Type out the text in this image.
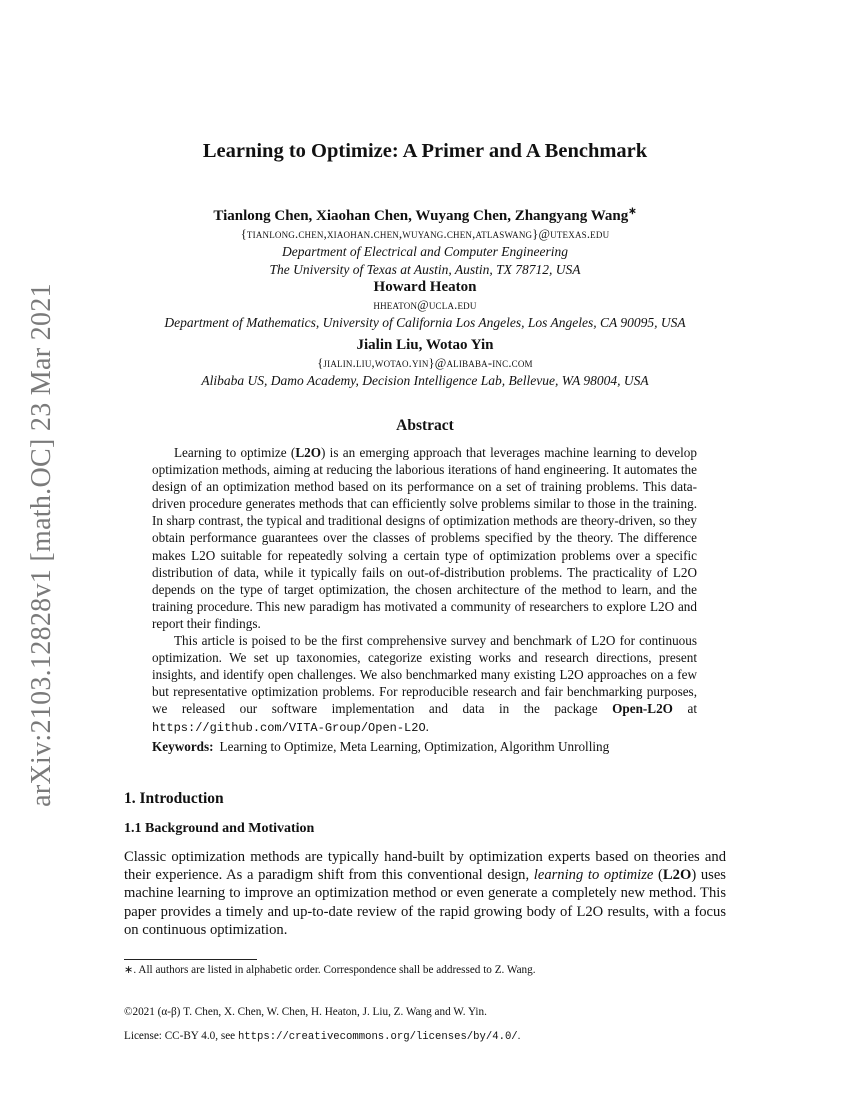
arXiv:2103.12828v1 [math.OC] 23 Mar 2021
Learning to Optimize: A Primer and A Benchmark
Tianlong Chen, Xiaohan Chen, Wuyang Chen, Zhangyang Wang∗
{tianlong.chen,xiaohan.chen,wuyang.chen,atlaswang}@utexas.edu
Department of Electrical and Computer Engineering
The University of Texas at Austin, Austin, TX 78712, USA
Howard Heaton
hheaton@ucla.edu
Department of Mathematics, University of California Los Angeles, Los Angeles, CA 90095, USA
Jialin Liu, Wotao Yin
{jialin.liu,wotao.yin}@alibaba-inc.com
Alibaba US, Damo Academy, Decision Intelligence Lab, Bellevue, WA 98004, USA
Abstract

Learning to optimize (L2O) is an emerging approach that leverages machine learning to develop optimization methods, aiming at reducing the laborious iterations of hand engineering. It automates the design of an optimization method based on its performance on a set of training problems. This data-driven procedure generates methods that can efficiently solve problems similar to those in the training. In sharp contrast, the typical and traditional designs of optimization methods are theory-driven, so they obtain performance guarantees over the classes of problems specified by the theory. The difference makes L2O suitable for repeatedly solving a certain type of optimization problems over a specific distribution of data, while it typically fails on out-of-distribution problems. The practicality of L2O depends on the type of target optimization, the chosen architecture of the method to learn, and the training procedure. This new paradigm has motivated a community of researchers to explore L2O and report their findings.

This article is poised to be the first comprehensive survey and benchmark of L2O for continuous optimization. We set up taxonomies, categorize existing works and research directions, present insights, and identify open challenges. We also benchmarked many existing L2O approaches on a few but representative optimization problems. For reproducible research and fair benchmarking purposes, we released our software implementation and data in the package Open-L2O at https://github.com/VITA-Group/Open-L2O.

Keywords: Learning to Optimize, Meta Learning, Optimization, Algorithm Unrolling

1. Introduction
1.1 Background and Motivation
Classic optimization methods are typically hand-built by optimization experts based on theories and their experience. As a paradigm shift from this conventional design, learning to optimize (L2O) uses machine learning to improve an optimization method or even generate a completely new method. This paper provides a timely and up-to-date review of the rapid growing body of L2O results, with a focus on continuous optimization.
∗. All authors are listed in alphabetic order. Correspondence shall be addressed to Z. Wang.
©2021 (α-β) T. Chen, X. Chen, W. Chen, H. Heaton, J. Liu, Z. Wang and W. Yin.
License: CC-BY 4.0, see https://creativecommons.org/licenses/by/4.0/.
